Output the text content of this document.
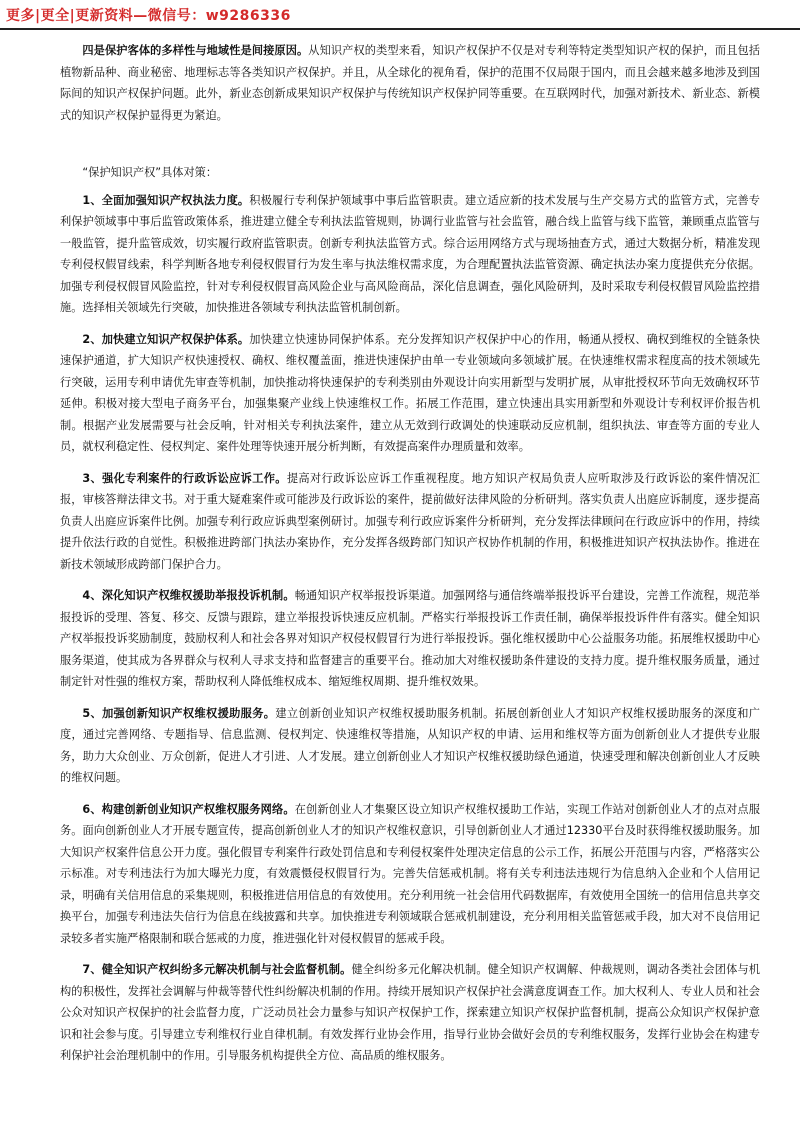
更多|更全|更新资料—微信号：w9286336

四是保护客体的多样性与地域性是间接原因。从知识产权的类型来看，知识产权保护不仅是对专利等特定类型知识产权的保护，而且包括植物新品种、商业秘密、地理标志等各类知识产权保护。并且，从全球化的视角看，保护的范围不仅局限于国内，而且会越来越多地涉及到国际间的知识产权保护问题。此外，新业态创新成果知识产权保护与传统知识产权保护同等重要。在互联网时代，加强对新技术、新业态、新模式的知识产权保护显得更为紧迫。

“保护知识产权”具体对策：

1、全面加强知识产权执法力度。积极履行专利保护领域事中事后监管职责。建立适应新的技术发展与生产交易方式的监管方式，完善专利保护领域事中事后监管政策体系，推进建立健全专利执法监管规则，协调行业监管与社会监管，融合线上监管与线下监管，兼顾重点监管与一般监管，提升监管成效，切实履行政府监管职责。创新专利执法监管方式。综合运用网络方式与现场抽查方式，通过大数据分析，精准发现专利侵权假冒线索，科学判断各地专利侵权假冒行为发生率与执法维权需求度，为合理配置执法监管资源、确定执法办案力度提供充分依据。加强专利侵权假冒风险监控，针对专利侵权假冒高风险企业与高风险商品，深化信息调查，强化风险研判，及时采取专利侵权假冒风险监控措施。选择相关领域先行突破，加快推进各领域专利执法监管机制创新。

2、加快建立知识产权保护体系。加快建立快速协同保护体系。充分发挥知识产权保护中心的作用，畅通从授权、确权到维权的全链条快速保护通道，扩大知识产权快速授权、确权、维权覆盖面，推进快速保护由单一专业领域向多领域扩展。在快速维权需求程度高的技术领域先行突破，运用专利申请优先审查等机制，加快推动将快速保护的专利类别由外观设计向实用新型与发明扩展，从审批授权环节向无效确权环节延伸。积极对接大型电子商务平台，加强集聚产业线上快速维权工作。拓展工作范围，建立快速出具实用新型和外观设计专利权评价报告机制。根据产业发展需要与社会反响，针对相关专利执法案件，建立从无效到行政调处的快速联动反应机制，组织执法、审查等方面的专业人员，就权利稳定性、侵权判定、案件处理等快速开展分析判断，有效提高案件办理质量和效率。

3、强化专利案件的行政诉讼应诉工作。提高对行政诉讼应诉工作重视程度。地方知识产权局负责人应听取涉及行政诉讼的案件情况汇报，审核答辩法律文书。对于重大疑难案件或可能涉及行政诉讼的案件，提前做好法律风险的分析研判。落实负责人出庭应诉制度，逐步提高负责人出庭应诉案件比例。加强专利行政应诉典型案例研讨。加强专利行政应诉案件分析研判，充分发挥法律顾问在行政应诉中的作用，持续提升依法行政的自觉性。积极推进跨部门执法办案协作，充分发挥各级跨部门知识产权协作机制的作用，积极推进知识产权执法协作。推进在新技术领域形成跨部门保护合力。

4、深化知识产权维权援助举报投诉机制。畅通知识产权举报投诉渠道。加强网络与通信终端举报投诉平台建设，完善工作流程，规范举报投诉的受理、答复、移交、反馈与跟踪，建立举报投诉快速反应机制。严格实行举报投诉工作责任制，确保举报投诉件件有落实。健全知识产权举报投诉奖励制度，鼓励权利人和社会各界对知识产权侵权假冒行为进行举报投诉。强化维权援助中心公益服务功能。拓展维权援助中心服务渠道，使其成为各界群众与权利人寻求支持和监督建言的重要平台。推动加大对维权援助条件建设的支持力度。提升维权服务质量，通过制定针对性强的维权方案，帮助权利人降低维权成本、缩短维权周期、提升维权效果。

5、加强创新知识产权维权援助服务。建立创新创业知识产权维权援助服务机制。拓展创新创业人才知识产权维权援助服务的深度和广度，通过完善网络、专题指导、信息监测、侵权判定、快速维权等措施，从知识产权的申请、运用和维权等方面为创新创业人才提供专业服务，助力大众创业、万众创新，促进人才引进、人才发展。建立创新创业人才知识产权维权援助绿色通道，快速受理和解决创新创业人才反映的维权问题。

6、构建创新创业知识产权维权服务网络。在创新创业人才集聚区设立知识产权维权援助工作站，实现工作站对创新创业人才的点对点服务。面向创新创业人才开展专题宣传，提高创新创业人才的知识产权维权意识，引导创新创业人才通过12330平台及时获得维权援助服务。加大知识产权案件信息公开力度。强化假冒专利案件行政处罚信息和专利侵权案件处理决定信息的公示工作，拓展公开范围与内容，严格落实公示标准。对专利违法行为加大曝光力度，有效震慑侵权假冒行为。完善失信惩戒机制。将有关专利违法违规行为信息纳入企业和个人信用记录，明确有关信用信息的采集规则，积极推进信用信息的有效使用。充分利用统一社会信用代码数据库，有效使用全国统一的信用信息共享交换平台，加强专利违法失信行为信息在线披露和共享。加快推进专利领域联合惩戒机制建设，充分利用相关监管惩戒手段，加大对不良信用记录较多者实施严格限制和联合惩戒的力度，推进强化针对侵权假冒的惩戒手段。

7、健全知识产权纠纷多元解决机制与社会监督机制。健全纠纷多元化解决机制。健全知识产权调解、仲裁规则，调动各类社会团体与机构的积极性，发挥社会调解与仲裁等替代性纠纷解决机制的作用。持续开展知识产权保护社会满意度调查工作。加大权利人、专业人员和社会公众对知识产权保护的社会监督力度，广泛动员社会力量参与知识产权保护工作，探索建立知识产权保护监督机制，提高公众知识产权保护意识和社会参与度。引导建立专利维权行业自律机制。有效发挥行业协会作用，指导行业协会做好会员的专利维权服务，发挥行业协会在构建专利保护社会治理机制中的作用。引导服务机构提供全方位、高品质的维权服务。
